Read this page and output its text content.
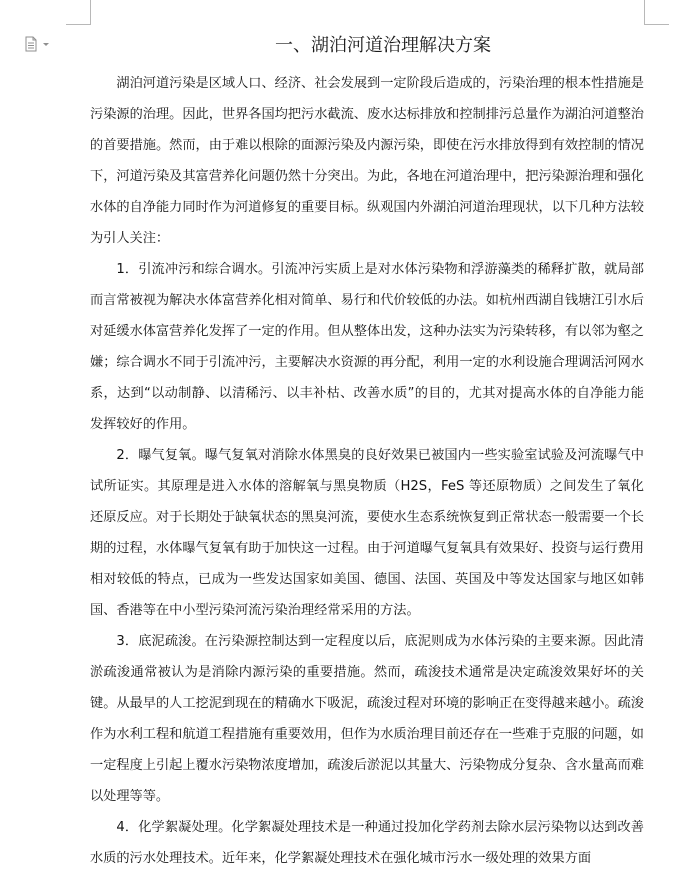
一、湖泊河道治理解决方案

湖泊河道污染是区域人口、经济、社会发展到一定阶段后造成的，污染治理的根本性措施是污染源的治理。因此，世界各国均把污水截流、废水达标排放和控制排污总量作为湖泊河道整治的首要措施。然而，由于难以根除的面源污染及内源污染，即使在污水排放得到有效控制的情况下，河道污染及其富营养化问题仍然十分突出。为此，各地在河道治理中，把污染源治理和强化水体的自净能力同时作为河道修复的重要目标。纵观国内外湖泊河道治理现状，以下几种方法较为引人关注：

1．引流冲污和综合调水。引流冲污实质上是对水体污染物和浮游藻类的稀释扩散，就局部而言常被视为解决水体富营养化相对简单、易行和代价较低的办法。如杭州西湖自钱塘江引水后对延缓水体富营养化发挥了一定的作用。但从整体出发，这种办法实为污染转移，有以邻为壑之嫌；综合调水不同于引流冲污，主要解决水资源的再分配，利用一定的水利设施合理调活河网水系，达到“以动制静、以清稀污、以丰补枯、改善水质”的目的，尤其对提高水体的自净能力能发挥较好的作用。

2．曝气复氧。曝气复氧对消除水体黑臭的良好效果已被国内一些实验室试验及河流曝气中试所证实。其原理是进入水体的溶解氧与黑臭物质（H2S，FeS 等还原物质）之间发生了氧化还原反应。对于长期处于缺氧状态的黑臭河流，要使水生态系统恢复到正常状态一般需要一个长期的过程，水体曝气复氧有助于加快这一过程。由于河道曝气复氧具有效果好、投资与运行费用相对较低的特点，已成为一些发达国家如美国、德国、法国、英国及中等发达国家与地区如韩国、香港等在中小型污染河流污染治理经常采用的方法。

3．底泥疏浚。在污染源控制达到一定程度以后，底泥则成为水体污染的主要来源。因此清淤疏浚通常被认为是消除内源污染的重要措施。然而，疏浚技术通常是决定疏浚效果好坏的关键。从最早的人工挖泥到现在的精确水下吸泥，疏浚过程对环境的影响正在变得越来越小。疏浚作为水利工程和航道工程措施有重要效用，但作为水质治理目前还存在一些难于克服的问题，如一定程度上引起上覆水污染物浓度增加，疏浚后淤泥以其量大、污染物成分复杂、含水量高而难以处理等等。

4．化学絮凝处理。化学絮凝处理技术是一种通过投加化学药剂去除水层污染物以达到改善水质的污水处理技术。近年来，化学絮凝处理技术在强化城市污水一级处理的效果方面
